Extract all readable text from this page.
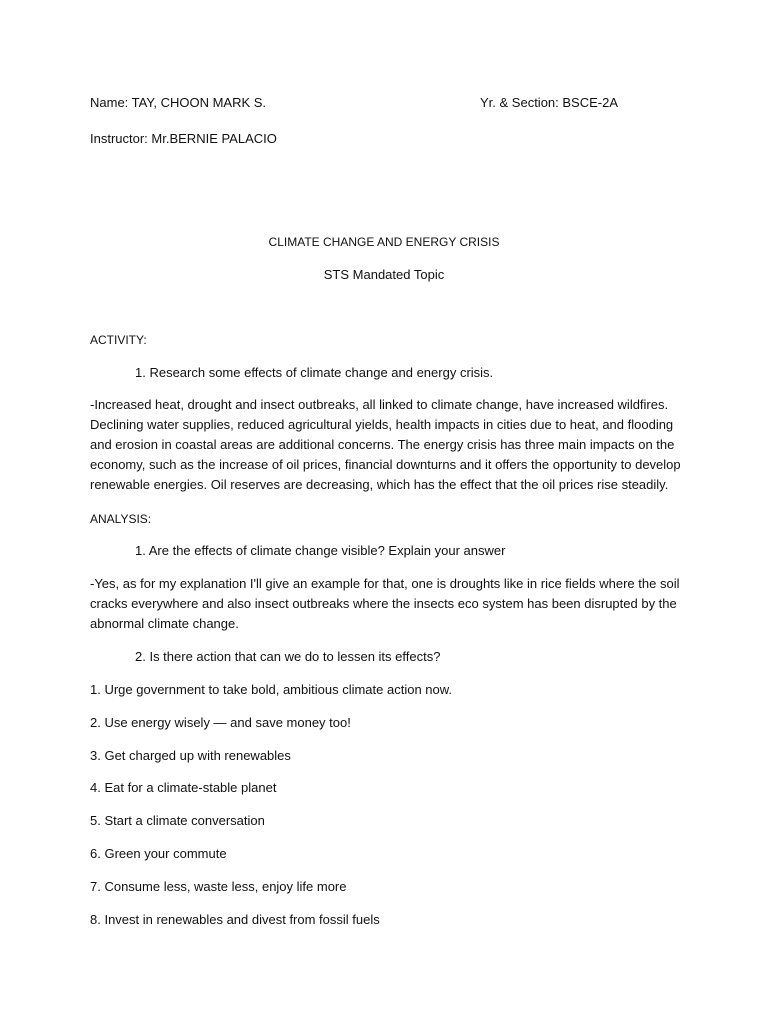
Name: TAY, CHOON MARK S.	Yr. & Section: BSCE-2A
Instructor: Mr.BERNIE PALACIO
CLIMATE CHANGE AND ENERGY CRISIS
STS Mandated Topic
ACTIVITY:
1. Research some effects of climate change and energy crisis.
-Increased heat, drought and insect outbreaks, all linked to climate change, have increased wildfires. Declining water supplies, reduced agricultural yields, health impacts in cities due to heat, and flooding and erosion in coastal areas are additional concerns. The energy crisis has three main impacts on the economy, such as the increase of oil prices, financial downturns and it offers the opportunity to develop renewable energies. Oil reserves are decreasing, which has the effect that the oil prices rise steadily.
ANALYSIS:
1. Are the effects of climate change visible? Explain your answer
-Yes, as for my explanation I'll give an example for that, one is droughts like in rice fields where the soil cracks everywhere and also insect outbreaks where the insects eco system has been disrupted by the abnormal climate change.
2. Is there action that can we do to lessen its effects?
1. Urge government to take bold, ambitious climate action now.
2. Use energy wisely — and save money too!
3. Get charged up with renewables
4. Eat for a climate-stable planet
5. Start a climate conversation
6. Green your commute
7. Consume less, waste less, enjoy life more
8. Invest in renewables and divest from fossil fuels
